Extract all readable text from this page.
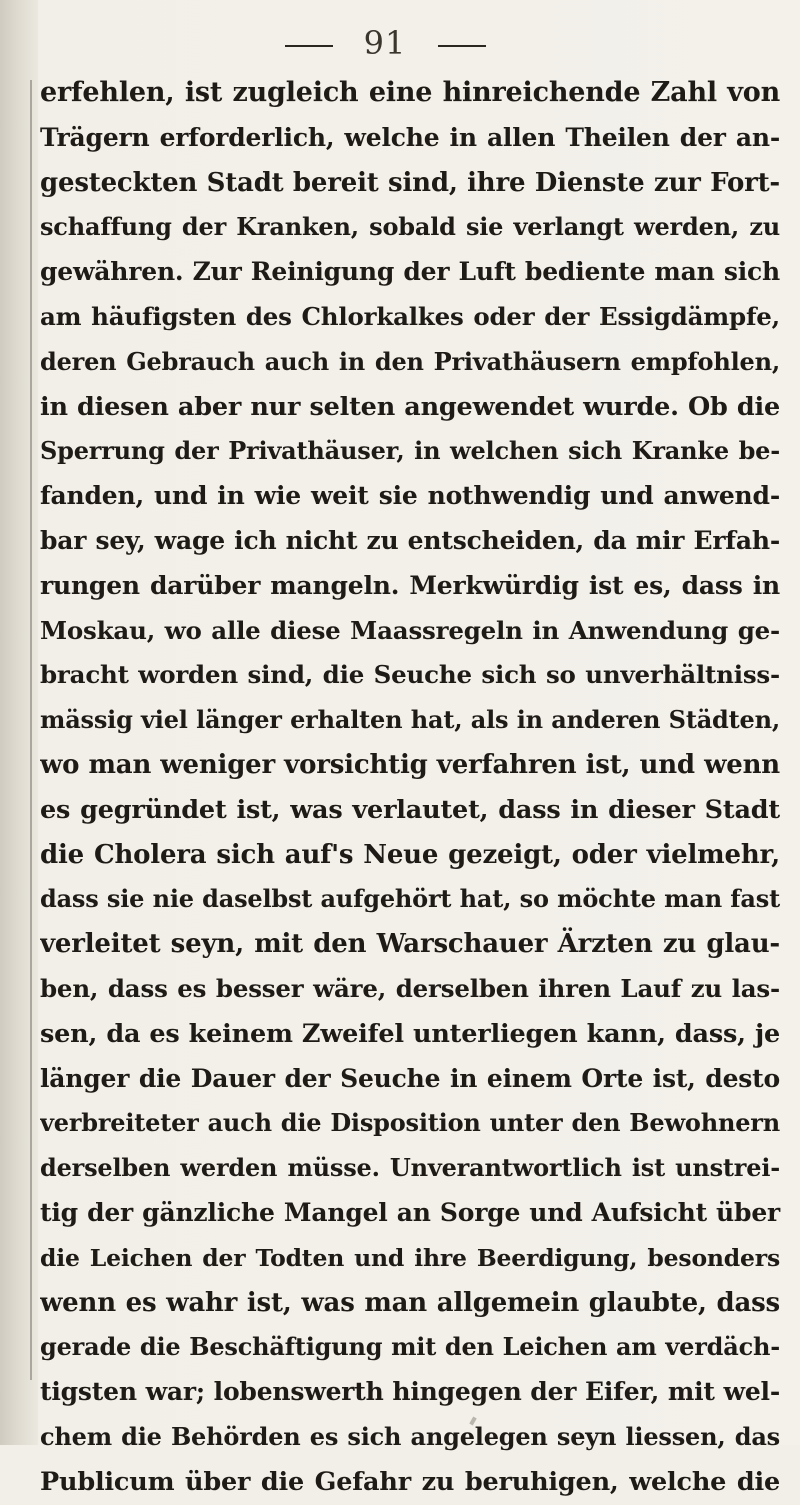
91
erfehlen, ist zugleich eine hinreichende Zahl von
Trägern erforderlich, welche in allen Theilen der an-
gesteckten Stadt bereit sind, ihre Dienste zur Fort-
schaffung der Kranken, sobald sie verlangt werden, zu
gewähren. Zur Reinigung der Luft bediente man sich
am häufigsten des Chlorkalkes oder der Essigdämpfe,
deren Gebrauch auch in den Privathäusern empfohlen,
in diesen aber nur selten angewendet wurde. Ob die
Sperrung der Privathäuser, in welchen sich Kranke be-
fanden, und in wie weit sie nothwendig und anwend-
bar sey, wage ich nicht zu entscheiden, da mir Erfah-
rungen darüber mangeln. Merkwürdig ist es, dass in
Moskau, wo alle diese Maassregeln in Anwendung ge-
bracht worden sind, die Seuche sich so unverhältniss-
mässig viel länger erhalten hat, als in anderen Städten,
wo man weniger vorsichtig verfahren ist, und wenn
es gegründet ist, was verlautet, dass in dieser Stadt
die Cholera sich auf's Neue gezeigt, oder vielmehr,
dass sie nie daselbst aufgehört hat, so möchte man fast
verleitet seyn, mit den Warschauer Ärzten zu glau-
ben, dass es besser wäre, derselben ihren Lauf zu las-
sen, da es keinem Zweifel unterliegen kann, dass, je
länger die Dauer der Seuche in einem Orte ist, desto
verbreiteter auch die Disposition unter den Bewohnern
derselben werden müsse. Unverantwortlich ist unstrei-
tig der gänzliche Mangel an Sorge und Aufsicht über
die Leichen der Todten und ihre Beerdigung, besonders
wenn es wahr ist, was man allgemein glaubte, dass
gerade die Beschäftigung mit den Leichen am verdäch-
tigsten war; lobenswerth hingegen der Eifer, mit wel-
chem die Behörden es sich angelegen seyn liessen, das
Publicum über die Gefahr zu beruhigen, welche die
